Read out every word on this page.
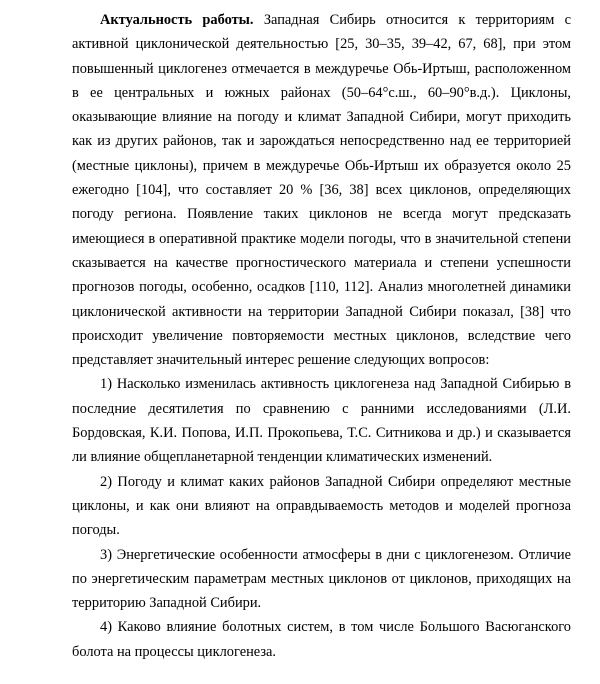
Актуальность работы. Западная Сибирь относится к территориям с активной циклонической деятельностью [25, 30–35, 39–42, 67, 68], при этом повышенный циклогенез отмечается в междуречье Обь-Иртыш, расположенном в ее центральных и южных районах (50–64°с.ш., 60–90°в.д.). Циклоны, оказывающие влияние на погоду и климат Западной Сибири, могут приходить как из других районов, так и зарождаться непосредственно над ее территорией (местные циклоны), причем в междуречье Обь-Иртыш их образуется около 25 ежегодно [104], что составляет 20 % [36, 38] всех циклонов, определяющих погоду региона. Появление таких циклонов не всегда могут предсказать имеющиеся в оперативной практике модели погоды, что в значительной степени сказывается на качестве прогностического материала и степени успешности прогнозов погоды, особенно, осадков [110, 112]. Анализ многолетней динамики циклонической активности на территории Западной Сибири показал, [38] что происходит увеличение повторяемости местных циклонов, вследствие чего представляет значительный интерес решение следующих вопросов:

1) Насколько изменилась активность циклогенеза над Западной Сибирью в последние десятилетия по сравнению с ранними исследованиями (Л.И. Бордовская, К.И. Попова, И.П. Прокопьева, Т.С. Ситникова и др.) и сказывается ли влияние общепланетарной тенденции климатических изменений.

2) Погоду и климат каких районов Западной Сибири определяют местные циклоны, и как они влияют на оправдываемость методов и моделей прогноза погоды.

3) Энергетические особенности атмосферы в дни с циклогенезом. Отличие по энергетическим параметрам местных циклонов от циклонов, приходящих на территорию Западной Сибири.

4) Каково влияние болотных систем, в том числе Большого Васюганского болота на процессы циклогенеза.
